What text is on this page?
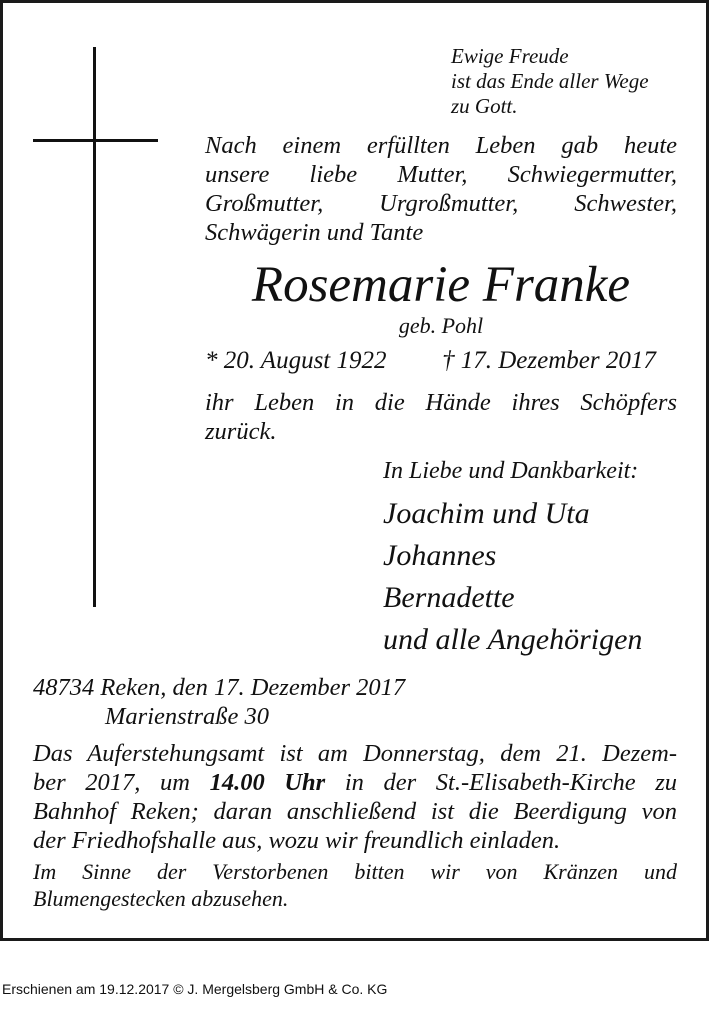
Ewige Freude
ist das Ende aller Wege
zu Gott.
Nach einem erfüllten Leben gab heute
unsere liebe Mutter, Schwiegermutter,
Großmutter, Urgroßmutter, Schwester,
Schwägerin und Tante
Rosemarie Franke
geb. Pohl
* 20. August 1922 † 17. Dezember 2017
ihr Leben in die Hände ihres Schöpfers
zurück.
In Liebe und Dankbarkeit:
Joachim und Uta
Johannes
Bernadette
und alle Angehörigen
48734 Reken, den 17. Dezember 2017
Marienstraße 30
Das Auferstehungsamt ist am Donnerstag, dem 21. Dezem-
ber 2017, um 14.00 Uhr in der St.-Elisabeth-Kirche zu
Bahnhof Reken; daran anschließend ist die Beerdigung von
der Friedhofshalle aus, wozu wir freundlich einladen.
Im Sinne der Verstorbenen bitten wir von Kränzen und
Blumengestecken abzusehen.
Erschienen am 19.12.2017 © J. Mergelsberg GmbH & Co. KG
